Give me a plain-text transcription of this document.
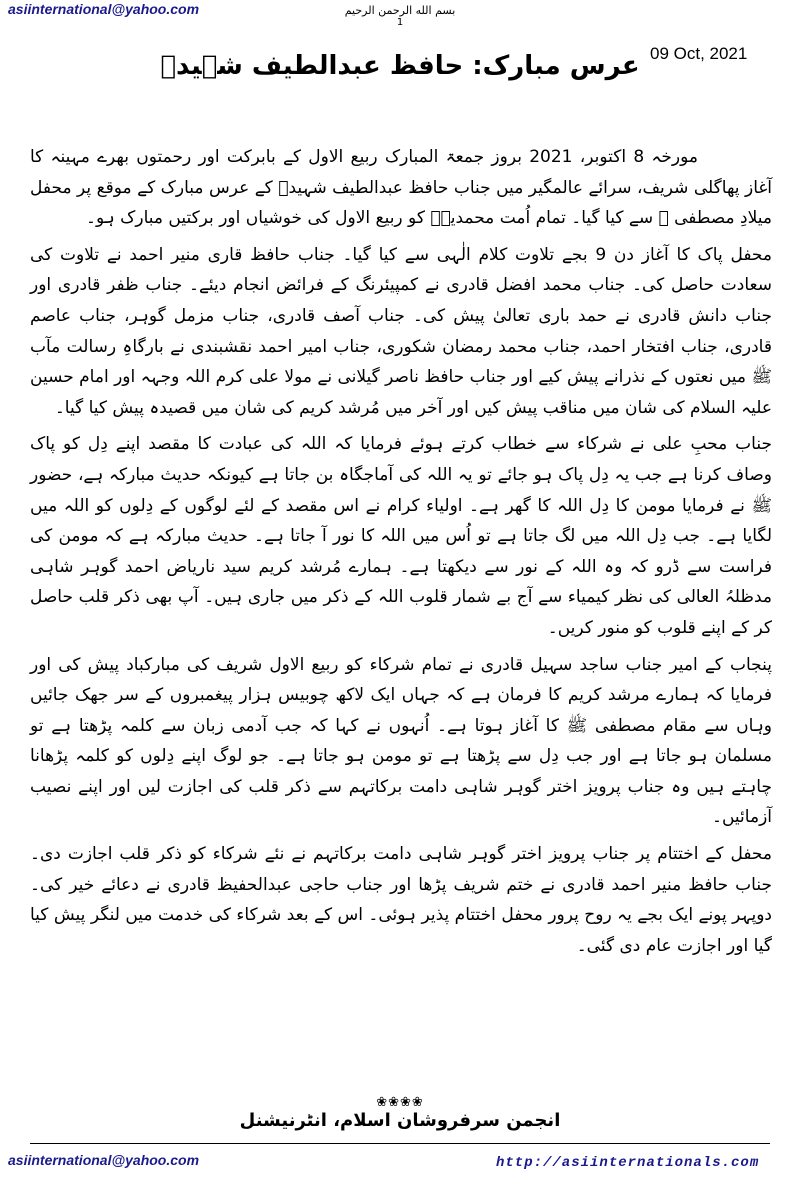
asiinternational@yahoo.com	بسم الله الرحمن الرحیم
1
09 Oct, 2021
عرس مبارک: حافظ عبدالطیف شہیدؒ

مورخہ 8 اکتوبر، 2021 بروز جمعۃ المبارک ربیع الاول کے بابرکت اور رحمتوں بھرے مہینہ کا آغاز پھاگلی شریف، سرائے عالمگیر میں جناب حافظ عبدالطیف شہیدؒ کے عرس مبارک کے موقع پر محفل میلادِ مصطفی ﷺ سے کیا گیا۔ تمام اُمت محمدیہؐ کو ربیع الاول کی خوشیاں اور برکتیں مبارک ہو۔

محفل پاک کا آغاز دن 9 بجے تلاوت کلام الٰہی سے کیا گیا۔ جناب حافظ قاری منیر احمد نے تلاوت کی سعادت حاصل کی۔ جناب محمد افضل قادری نے کمپیئرنگ کے فرائض انجام دیئے۔ جناب ظفر قادری اور جناب دانش قادری نے حمد باری تعالیٰ پیش کی۔ جناب آصف قادری، جناب مزمل گوہر، جناب عاصم قادری، جناب افتخار احمد، جناب محمد رمضان شکوری، جناب امیر احمد نقشبندی نے بارگاہِ رسالت مآب ﷺ میں نعتوں کے نذرانے پیش کیے اور جناب حافظ ناصر گیلانی نے مولا علی کرم اللہ وجہہ اور امام حسین علیہ السلام کی شان میں مناقب پیش کیں اور آخر میں مُرشد کریم کی شان میں قصیدہ پیش کیا گیا۔

جناب محبِ علی نے شرکاء سے خطاب کرتے ہوئے فرمایا کہ اللہ کی عبادت کا مقصد اپنے دِل کو پاک وصاف کرنا ہے جب یہ دِل پاک ہو جائے تو یہ اللہ کی آماجگاہ بن جاتا ہے کیونکہ حدیث مبارکہ ہے، حضور ﷺ نے فرمایا مومن کا دِل اللہ کا گھر ہے۔ اولیاء کرام نے اس مقصد کے لئے لوگوں کے دِلوں کو اللہ میں لگایا ہے۔ جب دِل اللہ میں لگ جاتا ہے تو اُس میں اللہ کا نور آ جاتا ہے۔ حدیث مبارکہ ہے کہ مومن کی فراست سے ڈرو کہ وہ اللہ کے نور سے دیکھتا ہے۔ ہمارے مُرشد کریم سید ناریاض احمد گوہر شاہی مدظلہُ العالی کی نظر کیمیاء سے آج بے شمار قلوب اللہ کے ذکر میں جاری ہیں۔ آپ بھی ذکر قلب حاصل کر کے اپنے قلوب کو منور کریں۔

پنجاب کے امیر جناب ساجد سہیل قادری نے تمام شرکاء کو ربیع الاول شریف کی مبارکباد پیش کی اور فرمایا کہ ہمارے مرشد کریم کا فرمان ہے کہ جہاں ایک لاکھ چوبیس ہزار پیغمبروں کے سر جھک جائیں وہاں سے مقام مصطفی ﷺ کا آغاز ہوتا ہے۔ اُنہوں نے کہا کہ جب آدمی زبان سے کلمہ پڑھتا ہے تو مسلمان ہو جاتا ہے اور جب دِل سے پڑھتا ہے تو مومن ہو جاتا ہے۔ جو لوگ اپنے دِلوں کو کلمہ پڑھانا چاہتے ہیں وہ جناب پرویز اختر گوہر شاہی دامت برکاتہم سے ذکر قلب کی اجازت لیں اور اپنے نصیب آزمائیں۔

محفل کے اختتام پر جناب پرویز اختر گوہر شاہی دامت برکاتہم نے نئے شرکاء کو ذکر قلب اجازت دی۔ جناب حافظ منیر احمد قادری نے ختم شریف پڑھا اور جناب حاجی عبدالحفیظ قادری نے دعائے خیر کی۔ دوپہر پونے ایک بجے یہ روح پرور محفل اختتام پذیر ہوئی۔ اس کے بعد شرکاء کی خدمت میں لنگر پیش کیا گیا اور اجازت عام دی گئی۔

❀❀❀❀
انجمن سرفروشان اسلام، انٹرنیشنل
asiinternational@yahoo.com	http://asiinternationals.com
